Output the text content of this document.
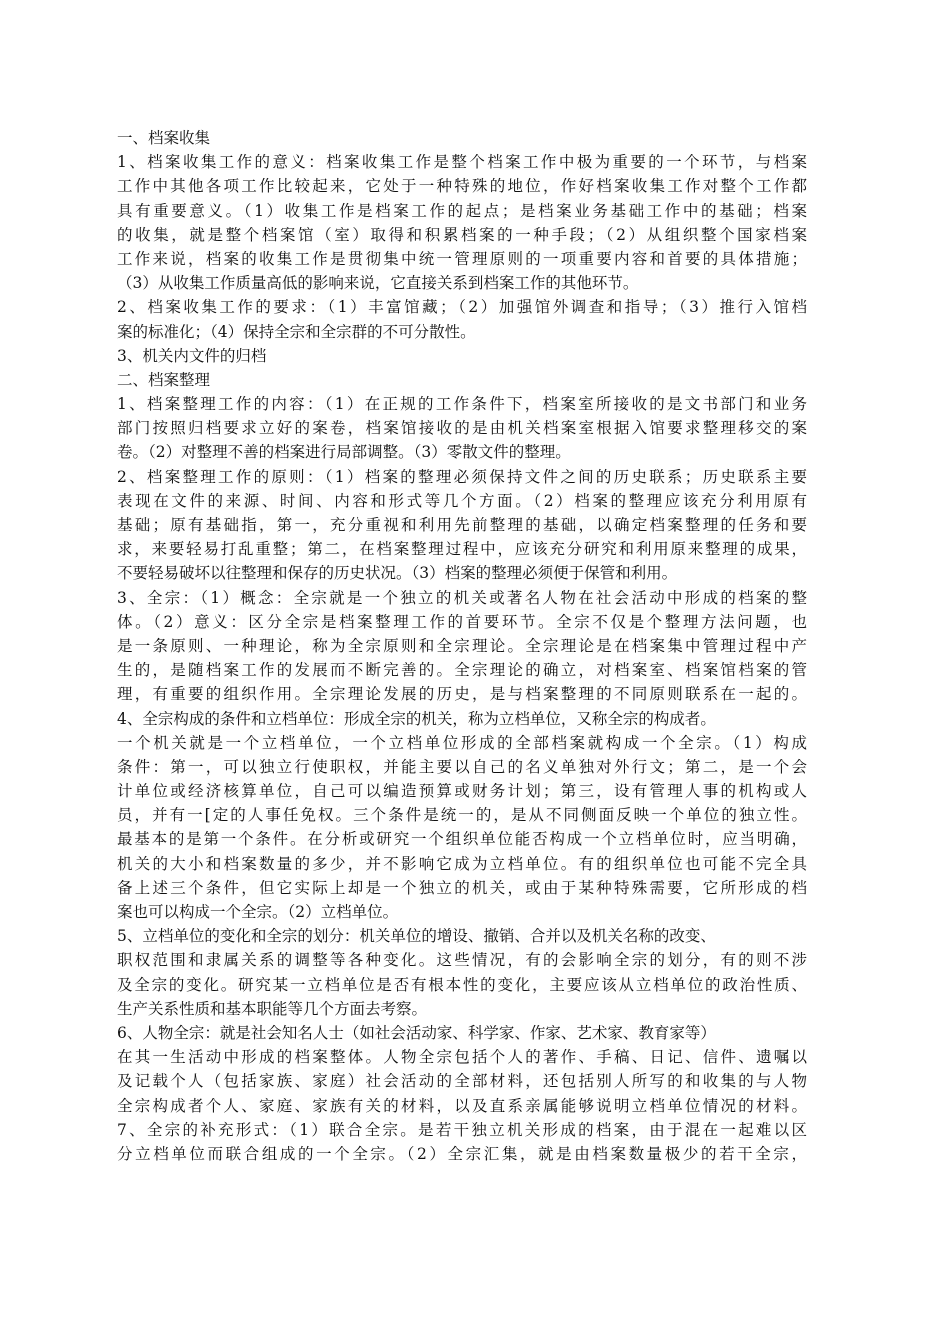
一、档案收集
1、档案收集工作的意义：档案收集工作是整个档案工作中极为重要的一个环节，与档案
工作中其他各项工作比较起来，它处于一种特殊的地位，作好档案收集工作对整个工作都
具有重要意义。（1）收集工作是档案工作的起点；是档案业务基础工作中的基础；档案
的收集，就是整个档案馆（室）取得和积累档案的一种手段；（2）从组织整个国家档案
工作来说，档案的收集工作是贯彻集中统一管理原则的一项重要内容和首要的具体措施；
（3）从收集工作质量高低的影响来说，它直接关系到档案工作的其他环节。
2、档案收集工作的要求：（1）丰富馆藏；（2）加强馆外调查和指导；（3）推行入馆档
案的标准化；（4）保持全宗和全宗群的不可分散性。
3、机关内文件的归档
二、档案整理
1、档案整理工作的内容：（1）在正规的工作条件下，档案室所接收的是文书部门和业务
部门按照归档要求立好的案卷，档案馆接收的是由机关档案室根据入馆要求整理移交的案
卷。（2）对整理不善的档案进行局部调整。（3）零散文件的整理。
2、档案整理工作的原则：（1）档案的整理必须保持文件之间的历史联系；历史联系主要
表现在文件的来源、时间、内容和形式等几个方面。（2）档案的整理应该充分利用原有
基础；原有基础指，第一，充分重视和利用先前整理的基础，以确定档案整理的任务和要
求，来要轻易打乱重整；第二，在档案整理过程中，应该充分研究和利用原来整理的成果，
不要轻易破坏以往整理和保存的历史状况。（3）档案的整理必须便于保管和利用。
3、全宗：（1）概念：全宗就是一个独立的机关或著名人物在社会活动中形成的档案的整
体。（2）意义：区分全宗是档案整理工作的首要环节。全宗不仅是个整理方法问题，也
是一条原则、一种理论，称为全宗原则和全宗理论。全宗理论是在档案集中管理过程中产
生的，是随档案工作的发展而不断完善的。全宗理论的确立，对档案室、档案馆档案的管
理，有重要的组织作用。全宗理论发展的历史，是与档案整理的不同原则联系在一起的。
4、全宗构成的条件和立档单位：形成全宗的机关，称为立档单位，又称全宗的构成者。
一个机关就是一个立档单位，一个立档单位形成的全部档案就构成一个全宗。（1）构成
条件：第一，可以独立行使职权，并能主要以自己的名义单独对外行文；第二，是一个会
计单位或经济核算单位，自己可以编造预算或财务计划；第三，设有管理人事的机构或人
员，并有一[定的人事任免权。三个条件是统一的，是从不同侧面反映一个单位的独立性。
最基本的是第一个条件。在分析或研究一个组织单位能否构成一个立档单位时，应当明确，
机关的大小和档案数量的多少，并不影响它成为立档单位。有的组织单位也可能不完全具
备上述三个条件，但它实际上却是一个独立的机关，或由于某种特殊需要，它所形成的档
案也可以构成一个全宗。（2）立档单位。
5、立档单位的变化和全宗的划分：机关单位的增设、撤销、合并以及机关名称的改变、
职权范围和隶属关系的调整等各种变化。这些情况，有的会影响全宗的划分，有的则不涉
及全宗的变化。研究某一立档单位是否有根本性的变化，主要应该从立档单位的政治性质、
生产关系性质和基本职能等几个方面去考察。
6、人物全宗：就是社会知名人士（如社会活动家、科学家、作家、艺术家、教育家等）
在其一生活动中形成的档案整体。人物全宗包括个人的著作、手稿、日记、信件、遗嘱以
及记载个人（包括家族、家庭）社会活动的全部材料，还包括别人所写的和收集的与人物
全宗构成者个人、家庭、家族有关的材料，以及直系亲属能够说明立档单位情况的材料。
7、全宗的补充形式：（1）联合全宗。是若干独立机关形成的档案，由于混在一起难以区
分立档单位而联合组成的一个全宗。（2）全宗汇集，就是由档案数量极少的若干全宗，
